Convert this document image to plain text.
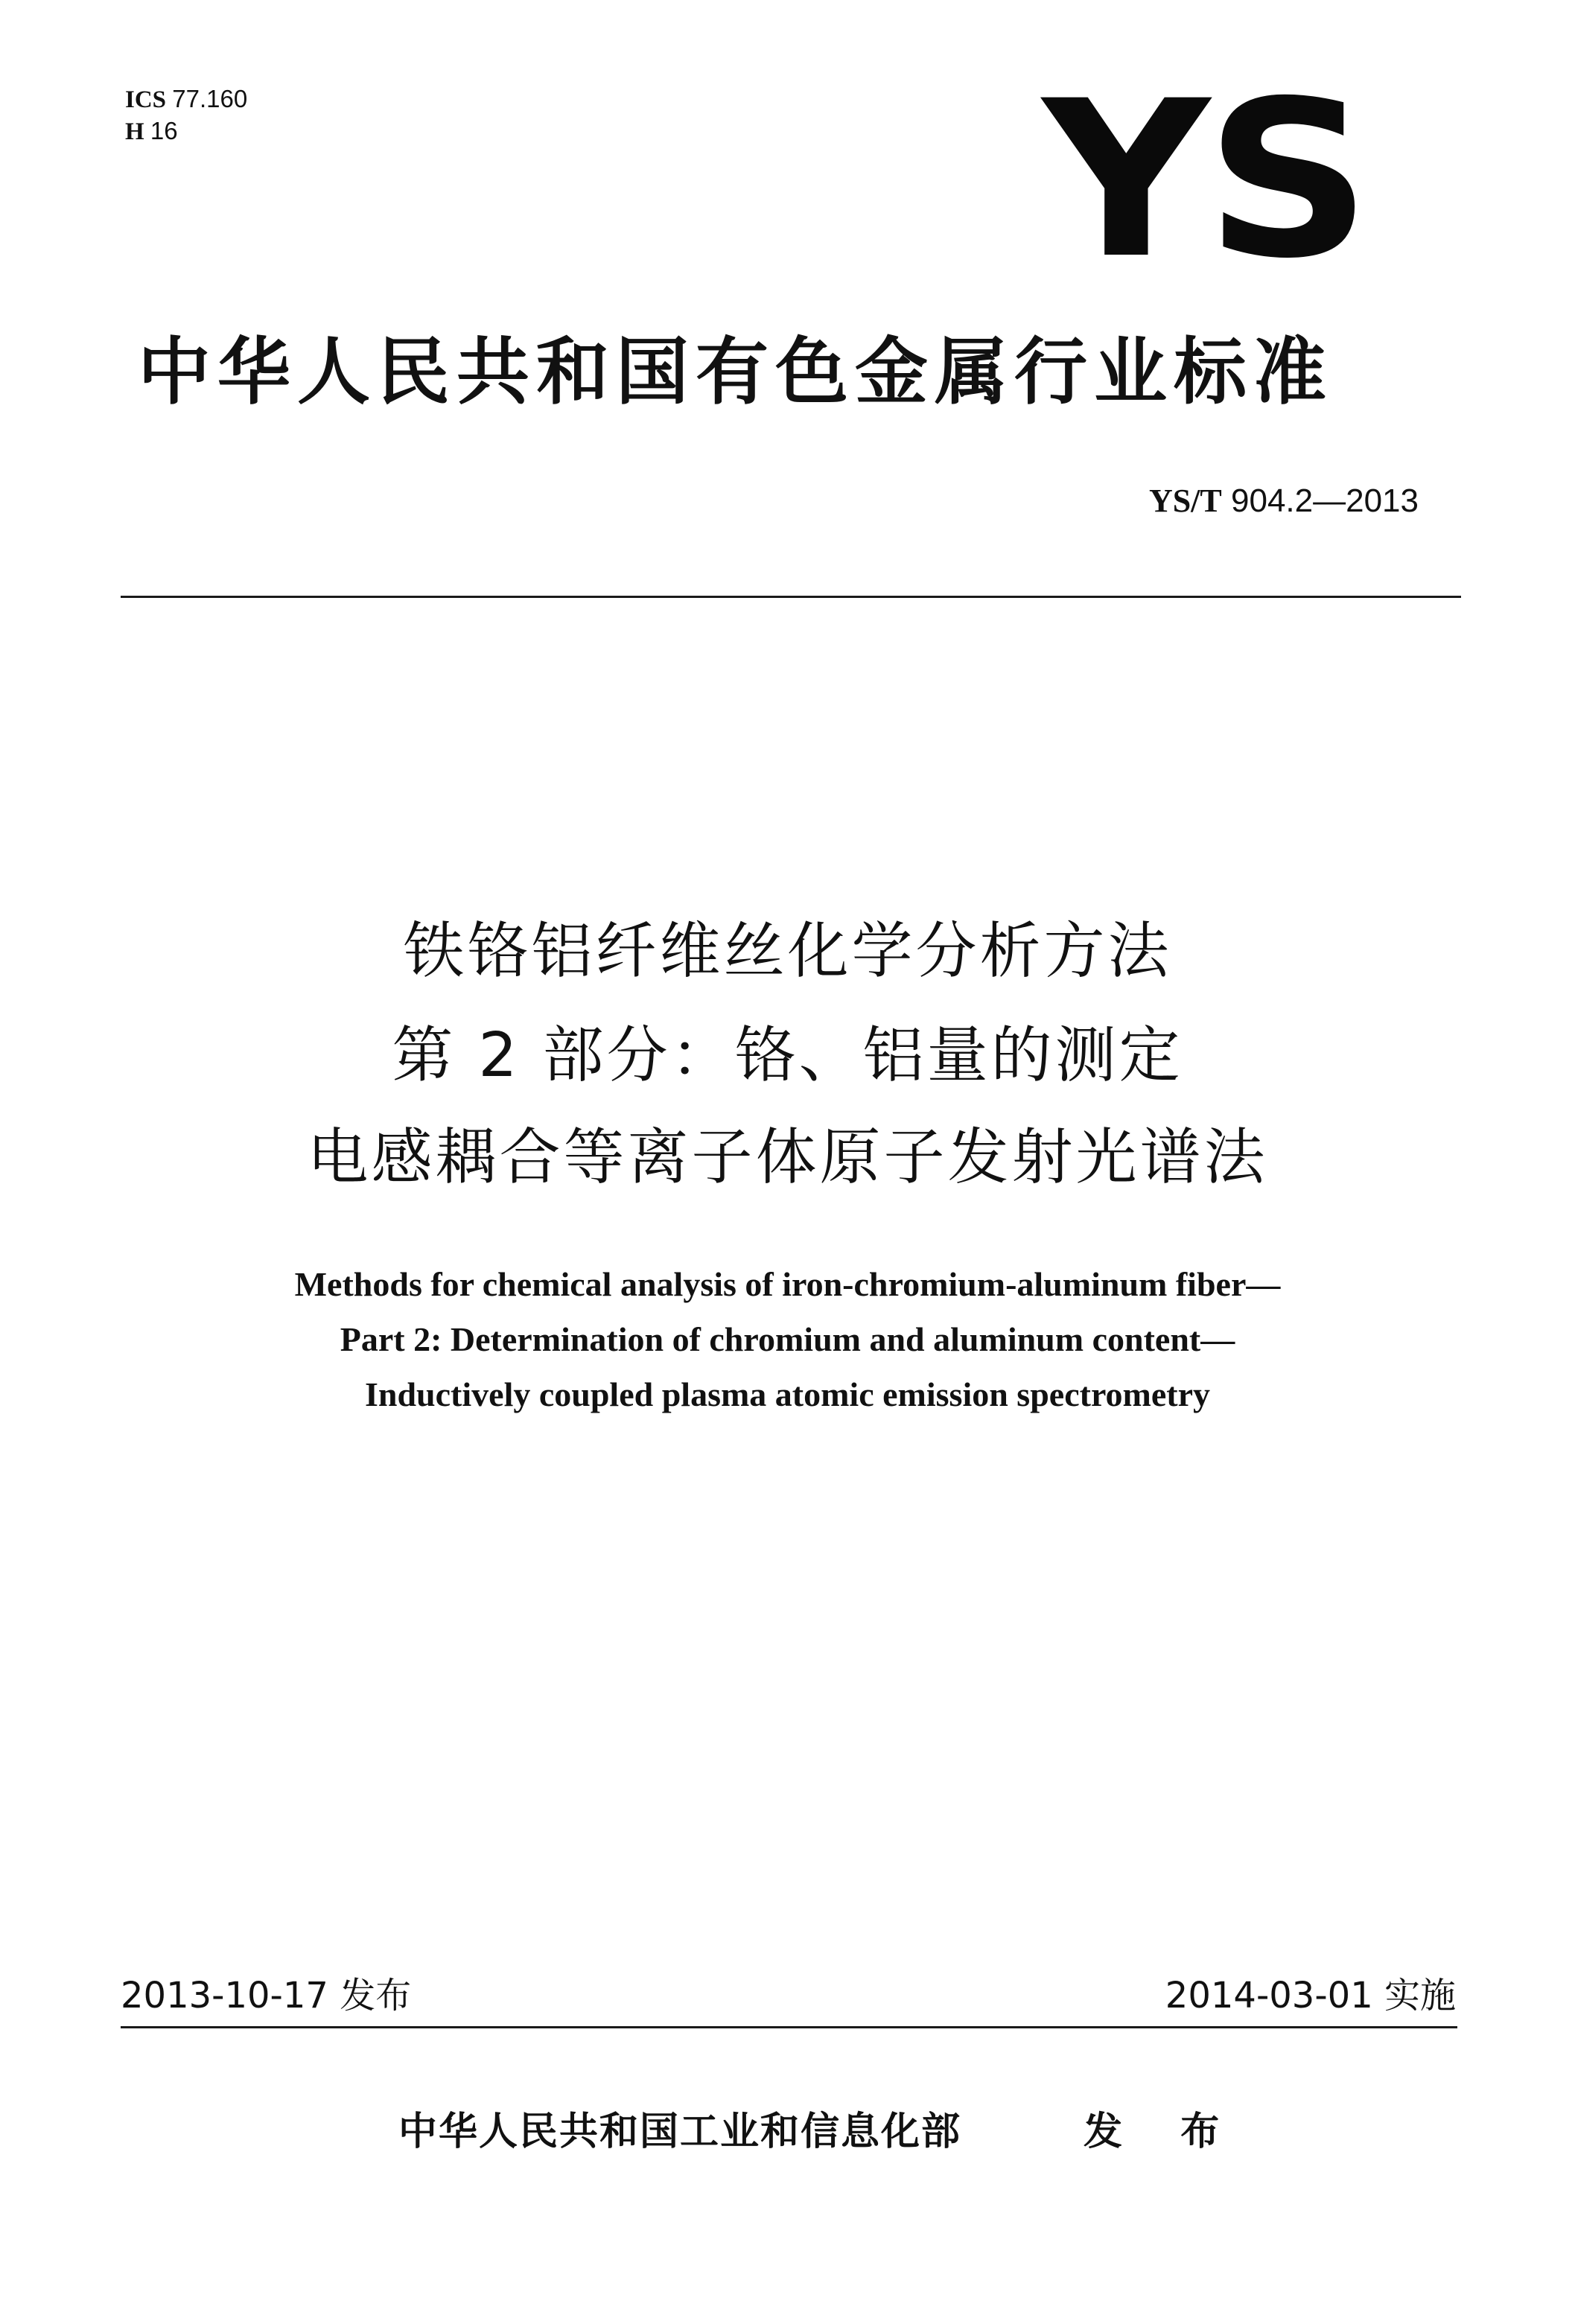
ICS 77.160
H 16	YS
中华人民共和国有色金属行业标准
YS/T 904.2—2013
铁铬铝纤维丝化学分析方法
第 2 部分：铬、铝量的测定
电感耦合等离子体原子发射光谱法
Methods for chemical analysis of iron-chromium-aluminum fiber—
Part 2: Determination of chromium and aluminum content—
Inductively coupled plasma atomic emission spectrometry
2013-10-17 发布	2014-03-01 实施
中华人民共和国工业和信息化部	发  布
